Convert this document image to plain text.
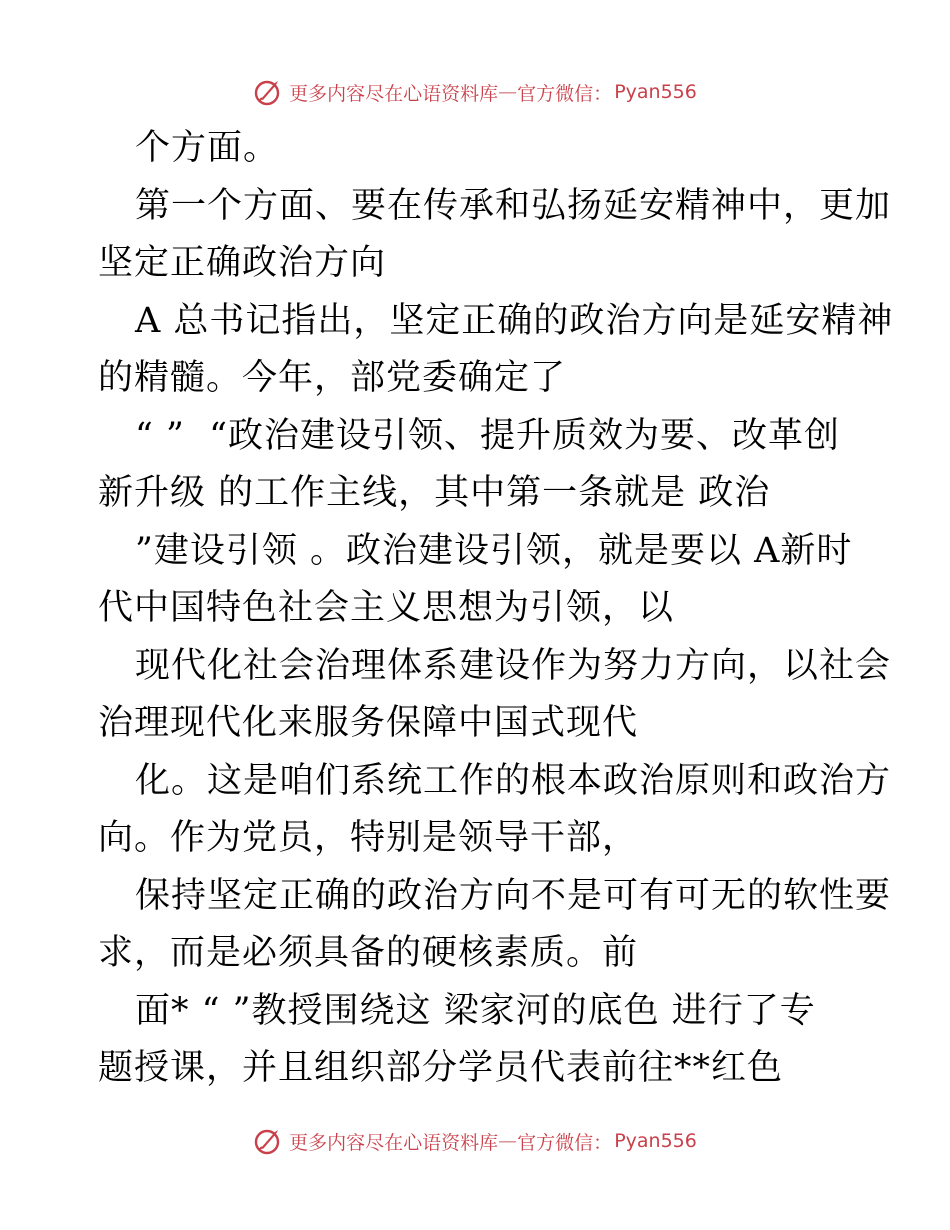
更多内容尽在心语资料库 — 官方微信： Pyan556
个方面。
第一个方面、要在传承和弘扬延安精神中，更加
坚定正确政治方向
A 总书记指出，坚定正确的政治方向是延安精神
的精髓。今年，部党委确定了
“ ”  “政治建设引领、提升质效为要、改革创
新升级 的工作主线，其中第一条就是 政治
”建设引领 。政治建设引领，就是要以 A新时
代中国特色社会主义思想为引领，以
现代化社会治理体系建设作为努力方向，以社会
治理现代化来服务保障中国式现代
化。这是咱们系统工作的根本政治原则和政治方
向。作为党员，特别是领导干部，
保持坚定正确的政治方向不是可有可无的软性要
求，而是必须具备的硬核素质。前
面* “ ”教授围绕这 梁家河的底色 进行了专
题授课，并且组织部分学员代表前往**红色
更多内容尽在心语资料库 — 官方微信： Pyan556
